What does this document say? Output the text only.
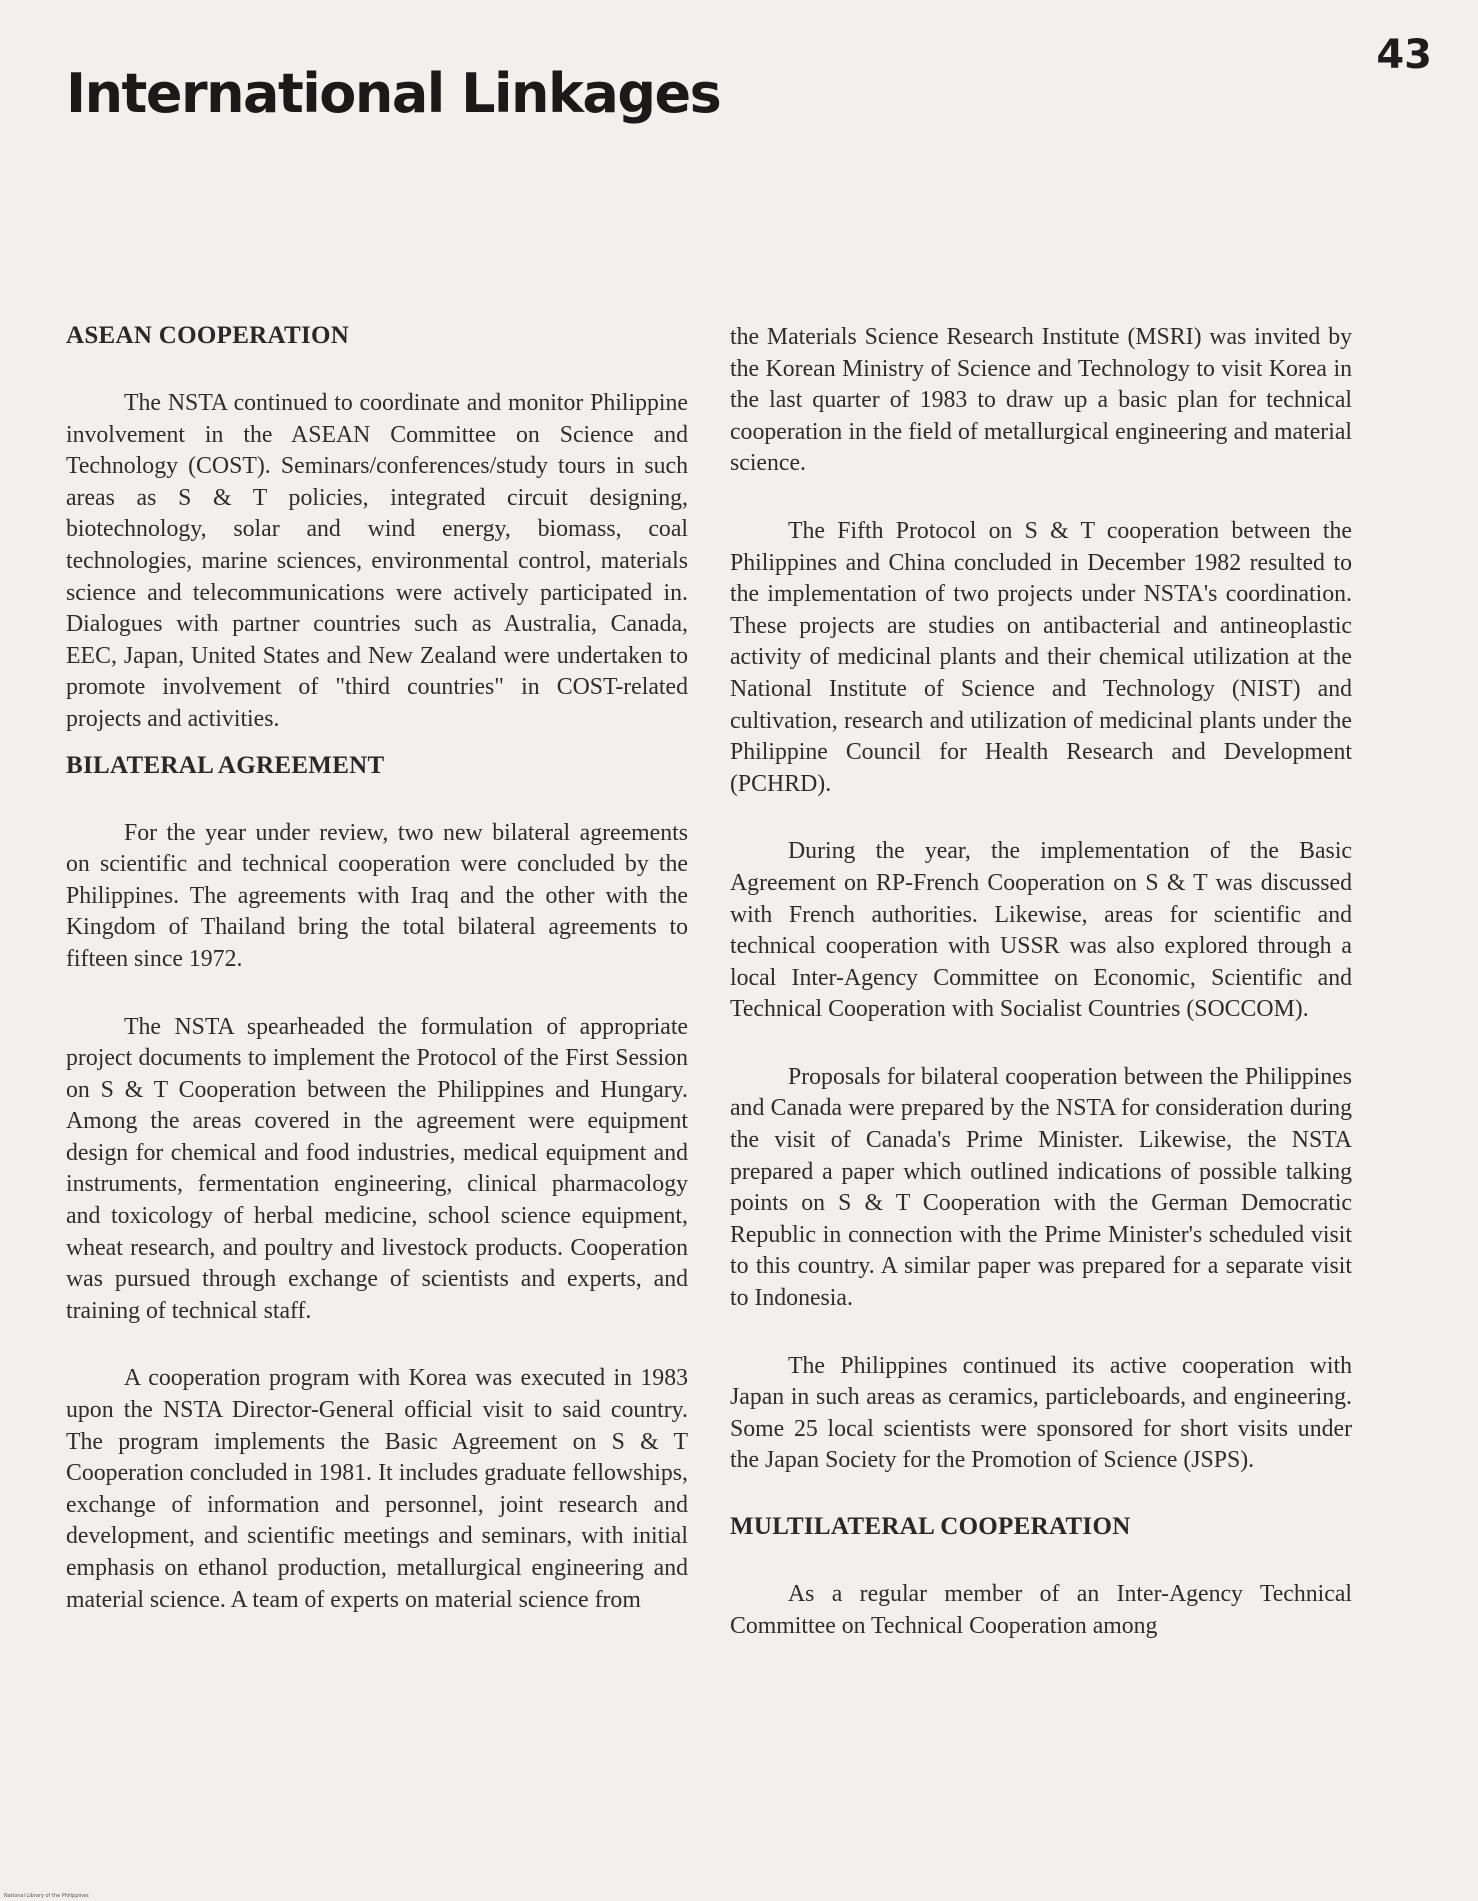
43
International Linkages
ASEAN COOPERATION

The NSTA continued to coordinate and monitor Philippine involvement in the ASEAN Committee on Science and Technology (COST). Seminars/conferences/study tours in such areas as S & T policies, integrated circuit designing, biotechnology, solar and wind energy, biomass, coal technologies, marine sciences, environmental control, materials science and telecommunications were actively participated in. Dialogues with partner countries such as Australia, Canada, EEC, Japan, United States and New Zealand were undertaken to promote involvement of "third countries" in COST-related projects and activities.

BILATERAL AGREEMENT

For the year under review, two new bilateral agreements on scientific and technical cooperation were concluded by the Philippines. The agreements with Iraq and the other with the Kingdom of Thailand bring the total bilateral agreements to fifteen since 1972.

The NSTA spearheaded the formulation of appropriate project documents to implement the Protocol of the First Session on S & T Cooperation between the Philippines and Hungary. Among the areas covered in the agreement were equipment design for chemical and food industries, medical equipment and instruments, fermentation engineering, clinical pharmacology and toxicology of herbal medicine, school science equipment, wheat research, and poultry and livestock products. Cooperation was pursued through exchange of scientists and experts, and training of technical staff.

A cooperation program with Korea was executed in 1983 upon the NSTA Director-General official visit to said country. The program implements the Basic Agreement on S & T Cooperation concluded in 1981. It includes graduate fellowships, exchange of information and personnel, joint research and development, and scientific meetings and seminars, with initial emphasis on ethanol production, metallurgical engineering and material science. A team of experts on material science from

the Materials Science Research Institute (MSRI) was invited by the Korean Ministry of Science and Technology to visit Korea in the last quarter of 1983 to draw up a basic plan for technical cooperation in the field of metallurgical engineering and material science.

The Fifth Protocol on S & T cooperation between the Philippines and China concluded in December 1982 resulted to the implementation of two projects under NSTA's coordination. These projects are studies on antibacterial and antineoplastic activity of medicinal plants and their chemical utilization at the National Institute of Science and Technology (NIST) and cultivation, research and utilization of medicinal plants under the Philippine Council for Health Research and Development (PCHRD).

During the year, the implementation of the Basic Agreement on RP-French Cooperation on S & T was discussed with French authorities. Likewise, areas for scientific and technical cooperation with USSR was also explored through a local Inter-Agency Committee on Economic, Scientific and Technical Cooperation with Socialist Countries (SOCCOM).

Proposals for bilateral cooperation between the Philippines and Canada were prepared by the NSTA for consideration during the visit of Canada's Prime Minister. Likewise, the NSTA prepared a paper which outlined indications of possible talking points on S & T Cooperation with the German Democratic Republic in connection with the Prime Minister's scheduled visit to this country. A similar paper was prepared for a separate visit to Indonesia.

The Philippines continued its active cooperation with Japan in such areas as ceramics, particleboards, and engineering. Some 25 local scientists were sponsored for short visits under the Japan Society for the Promotion of Science (JSPS).

MULTILATERAL COOPERATION

As a regular member of an Inter-Agency Technical Committee on Technical Cooperation among

National Library of the Philippines
